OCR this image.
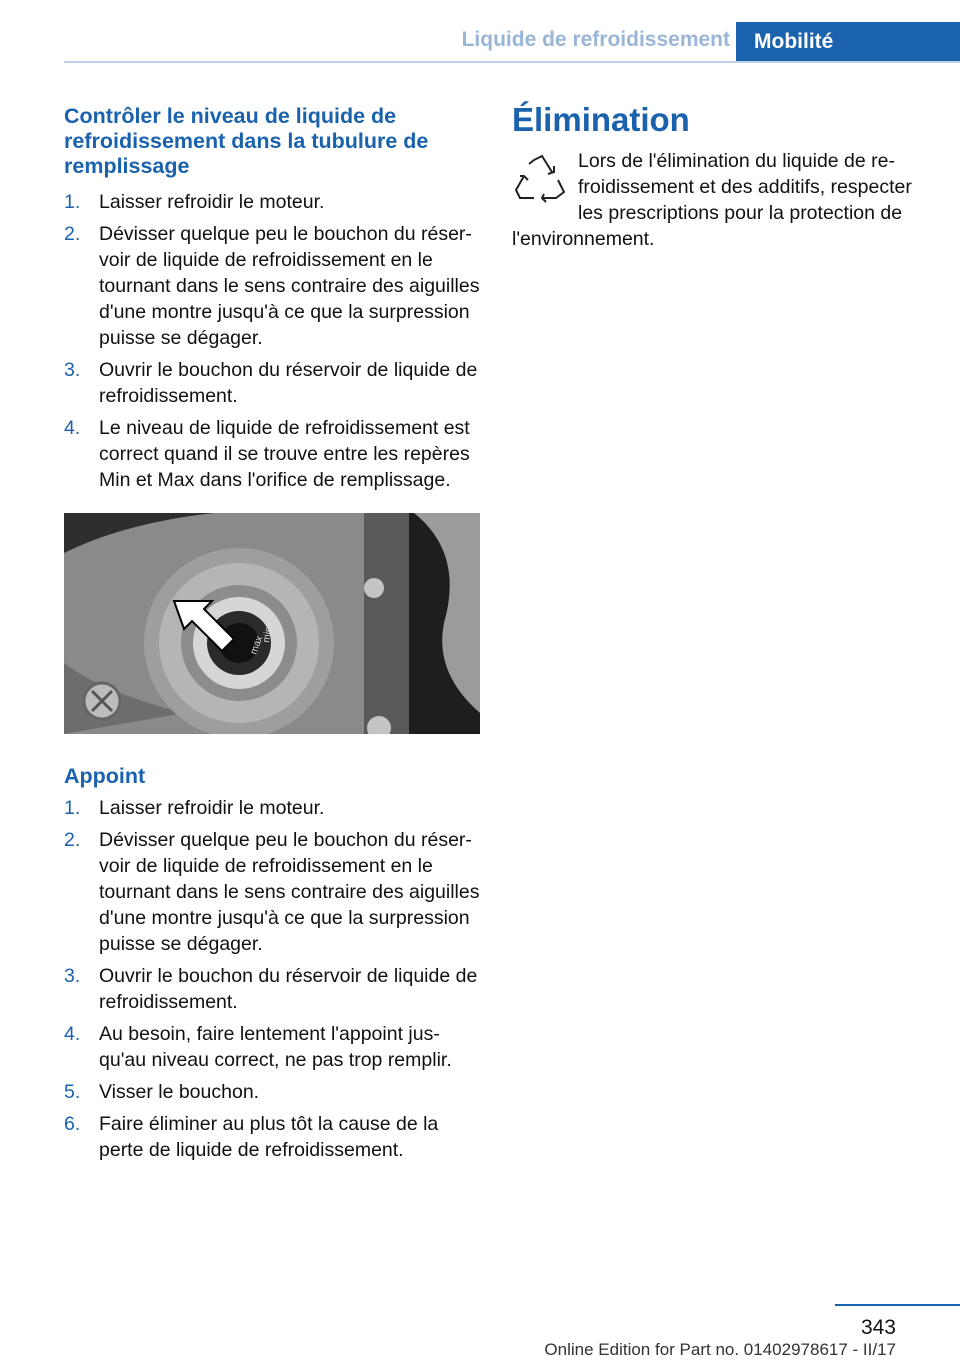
Liquide de refroidissement	Mobilité
Contrôler le niveau de liquide de refroidissement dans la tubulure de remplissage
1. Laisser refroidir le moteur.
2. Dévisser quelque peu le bouchon du réservoir de liquide de refroidissement en le tournant dans le sens contraire des aiguilles d'une montre jusqu'à ce que la surpression puisse se dégager.
3. Ouvrir le bouchon du réservoir de liquide de refroidissement.
4. Le niveau de liquide de refroidissement est correct quand il se trouve entre les repères Min et Max dans l'orifice de remplissage.
max
min
Appoint
1. Laisser refroidir le moteur.
2. Dévisser quelque peu le bouchon du réservoir de liquide de refroidissement en le tournant dans le sens contraire des aiguilles d'une montre jusqu'à ce que la surpression puisse se dégager.
3. Ouvrir le bouchon du réservoir de liquide de refroidissement.
4. Au besoin, faire lentement l'appoint jusqu'au niveau correct, ne pas trop remplir.
5. Visser le bouchon.
6. Faire éliminer au plus tôt la cause de la perte de liquide de refroidissement.
Élimination

Lors de l'élimination du liquide de refroidissement et des additifs, respecter les prescriptions pour la protection de l'environnement.

343
Online Edition for Part no. 01402978617 - II/17
